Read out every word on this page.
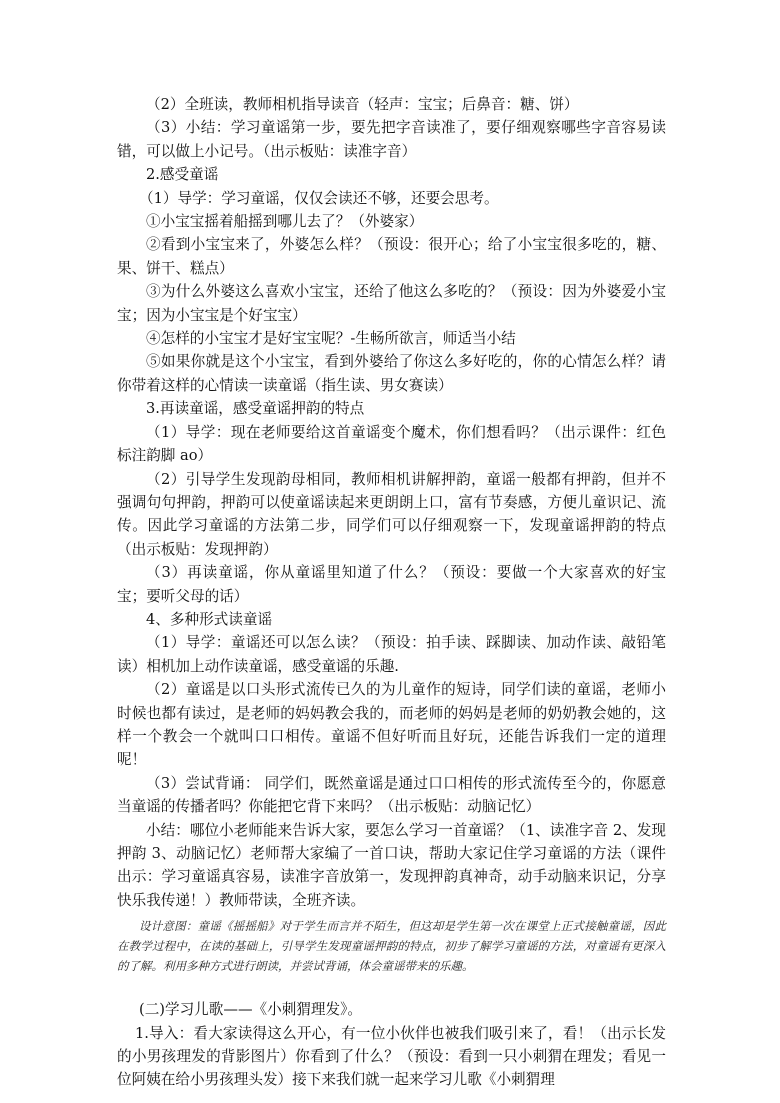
（2）全班读，教师相机指导读音（轻声：宝宝；后鼻音：糖、饼）

（3）小结：学习童谣第一步，要先把字音读准了，要仔细观察哪些字音容易读错，可以做上小记号。（出示板贴：读准字音）

2.感受童谣

（1）导学：学习童谣，仅仅会读还不够，还要会思考。

①小宝宝摇着船摇到哪儿去了？（外婆家）

②看到小宝宝来了，外婆怎么样？（预设：很开心；给了小宝宝很多吃的，糖、果、饼干、糕点）

③为什么外婆这么喜欢小宝宝，还给了他这么多吃的？（预设：因为外婆爱小宝宝；因为小宝宝是个好宝宝）

④怎样的小宝宝才是好宝宝呢？-生畅所欲言，师适当小结

⑤如果你就是这个小宝宝，看到外婆给了你这么多好吃的，你的心情怎么样？请你带着这样的心情读一读童谣（指生读、男女赛读）

3.再读童谣，感受童谣押韵的特点

（1）导学：现在老师要给这首童谣变个魔术，你们想看吗？（出示课件：红色标注韵脚 ao）

（2）引导学生发现韵母相同，教师相机讲解押韵，童谣一般都有押韵，但并不强调句句押韵，押韵可以使童谣读起来更朗朗上口，富有节奏感，方便儿童识记、流传。因此学习童谣的方法第二步，同学们可以仔细观察一下，发现童谣押韵的特点（出示板贴：发现押韵）

（3）再读童谣，你从童谣里知道了什么？（预设：要做一个大家喜欢的好宝宝；要听父母的话）

4、多种形式读童谣

（1）导学：童谣还可以怎么读？（预设：拍手读、踩脚读、加动作读、敲铅笔读）相机加上动作读童谣，感受童谣的乐趣.

（2）童谣是以口头形式流传已久的为儿童作的短诗，同学们读的童谣，老师小时候也都有读过，是老师的妈妈教会我的，而老师的妈妈是老师的奶奶教会她的，这样一个教会一个就叫口口相传。童谣不但好听而且好玩，还能告诉我们一定的道理呢！

（3）尝试背诵： 同学们，既然童谣是通过口口相传的形式流传至今的，你愿意当童谣的传播者吗？你能把它背下来吗？（出示板贴：动脑记忆）

小结：哪位小老师能来告诉大家，要怎么学习一首童谣？（1、读准字音 2、发现押韵 3、动脑记忆）老师帮大家编了一首口诀，帮助大家记住学习童谣的方法（课件出示：学习童谣真容易，读准字音放第一，发现押韵真神奇，动手动脑来识记，分享快乐我传递！）教师带读，全班齐读。

设计意图：童谣《摇摇船》对于学生而言并不陌生，但这却是学生第一次在课堂上正式接触童谣，因此在教学过程中，在读的基础上，引导学生发现童谣押韵的特点，初步了解学习童谣的方法，对童谣有更深入的了解。利用多种方式进行朗读，并尝试背诵，体会童谣带来的乐趣。

(二)学习儿歌——《小刺猬理发》。

1.导入：看大家读得这么开心，有一位小伙伴也被我们吸引来了，看！（出示长发的小男孩理发的背影图片）你看到了什么？（预设：看到一只小刺猬在理发；看见一位阿姨在给小男孩理头发）接下来我们就一起来学习儿歌《小刺猬理
